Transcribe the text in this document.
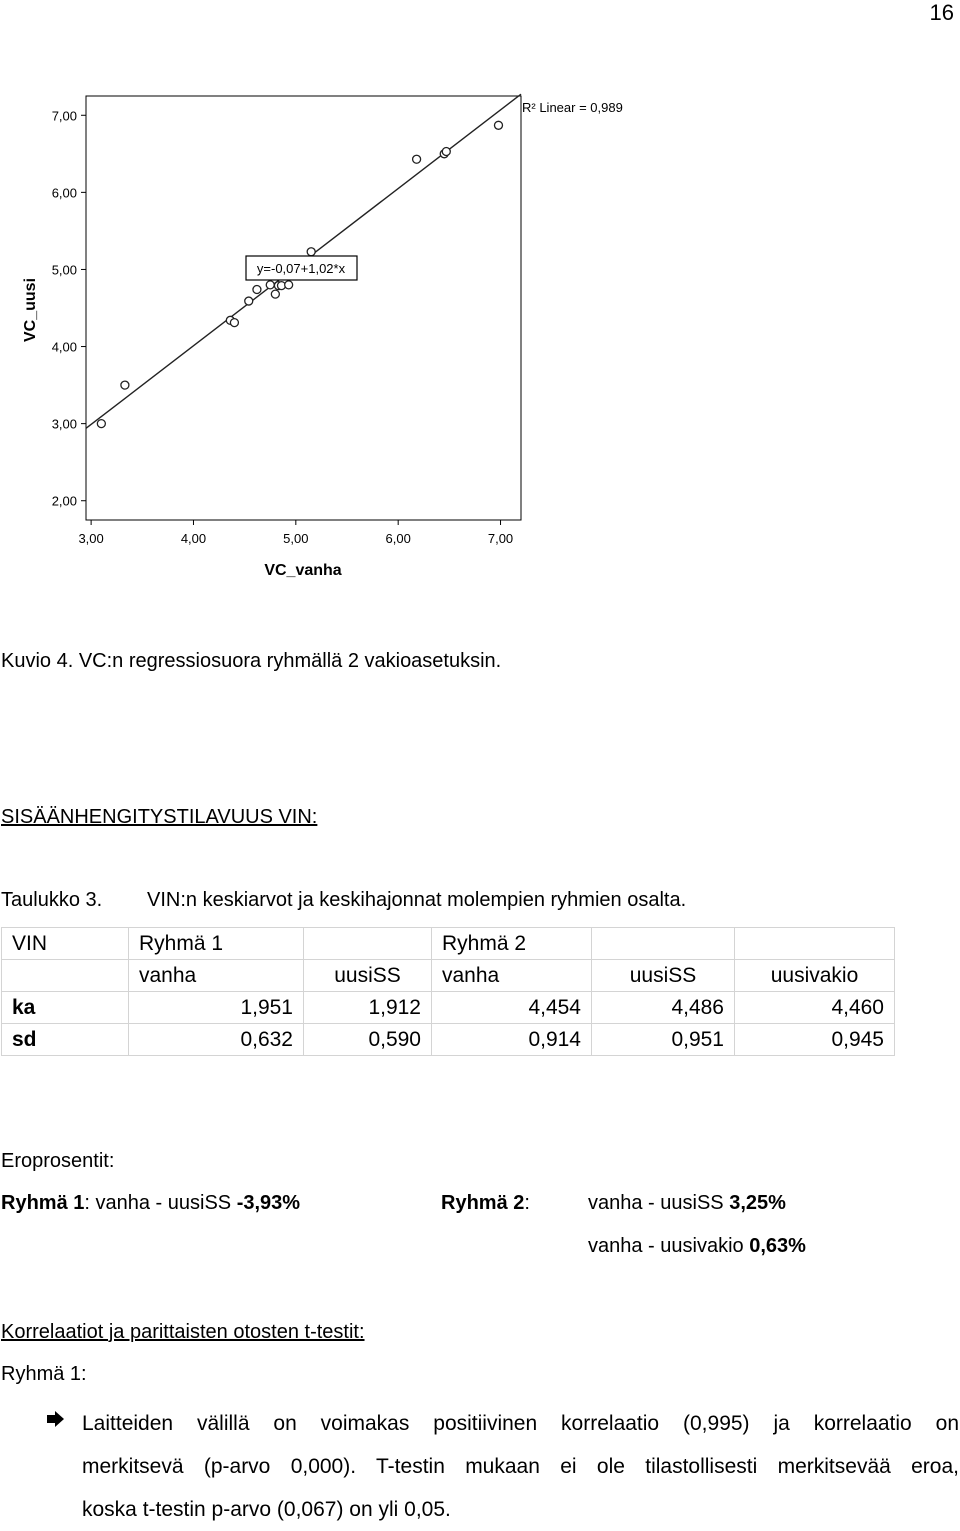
16
3,00	4,00	5,00	6,00	7,00
2,00
3,00
4,00
5,00
6,00
7,00
VC_vanha
VC_uusi
y=-0,07+1,02*x
R² Linear = 0,989
Kuvio 4. VC:n regressiosuora ryhmällä 2 vakioasetuksin.
SISÄÄNHENGITYSTILAVUUS VIN:
Taulukko 3. VIN:n keskiarvot ja keskihajonnat molempien ryhmien osalta.
VIN	Ryhmä 1		Ryhmä 2		
	vanha	uusiSS	vanha	uusiSS	uusivakio
ka	1,951	1,912	4,454	4,486	4,460
sd	0,632	0,590	0,914	0,951	0,945
Eroprosentit:
Ryhmä 1: vanha - uusiSS -3,93%	Ryhmä 2:	vanha - uusiSS 3,25%
vanha - uusivakio 0,63%
Korrelaatiot ja parittaisten otosten t-testit:
Ryhmä 1:
Laitteiden välillä on voimakas positiivinen korrelaatio (0,995) ja korrelaatio on
merkitsevä (p-arvo 0,000). T-testin mukaan ei ole tilastollisesti merkitsevää eroa,
koska t-testin p-arvo (0,067) on yli 0,05.
